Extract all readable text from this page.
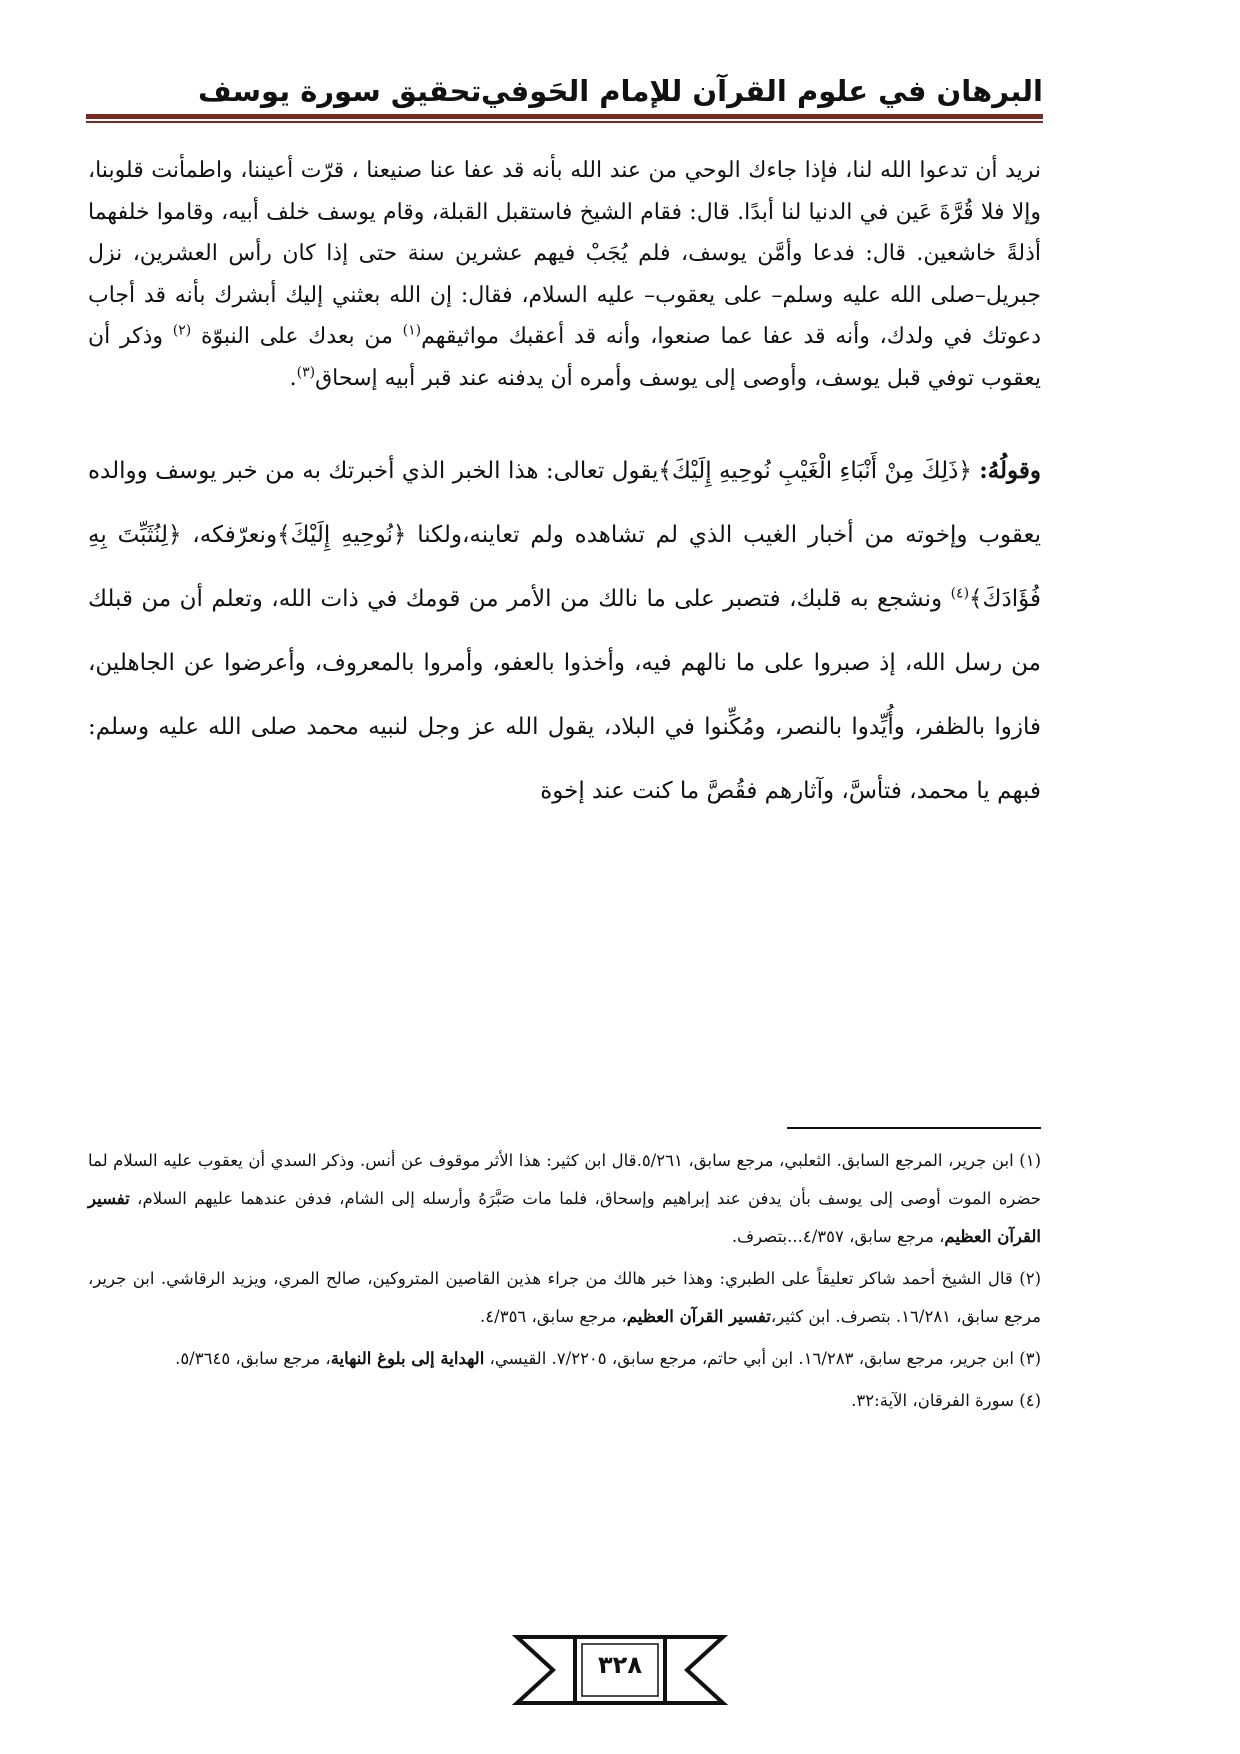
البرهان في علوم القرآن للإمام الحَوفي
تحقيق سورة يوسف

نريد أن تدعوا الله لنا، فإذا جاءك الوحي من عند الله بأنه قد عفا عنا صنيعنا ، قرّت أعيننا، واطمأنت قلوبنا، وإلا فلا قُرَّةَ عَين في الدنيا لنا أبدًا. قال: فقام الشيخ فاستقبل القبلة، وقام يوسف خلف أبيه، وقاموا خلفهما أذلةً خاشعين. قال: فدعا وأمَّن يوسف، فلم يُجَبْ فيهم عشرين سنة حتى إذا كان رأس العشرين، نزل جبريل–صلى الله عليه وسلم– على يعقوب– عليه السلام، فقال: إن الله بعثني إليك أبشرك بأنه قد أجاب دعوتك في ولدك، وأنه قد عفا عما صنعوا، وأنه قد أعقبك مواثيقهم$^{(١)}$ من بعدك على النبوّة $^{(٢)}$ وذكر أن يعقوب توفي قبل يوسف، وأوصى إلى يوسف وأمره أن يدفنه عند قبر أبيه إسحاق$^{(٣)}$.

وقولُهُ: ﴿ذَلِكَ مِنْ أَنْبَاءِ الْغَيْبِ نُوحِيهِ إِلَيْكَ﴾يقول تعالى: هذا الخبر الذي أخبرتك به من خبر يوسف ووالده يعقوب وإخوته من أخبار الغيب الذي لم تشاهده ولم تعاينه،ولكنا ﴿نُوحِيهِ إِلَيْكَ﴾ونعرّفكه، ﴿لِنُثَبِّتَ بِهِ فُؤَادَكَ﴾$^{(٤)}$ ونشجع به قلبك، فتصبر على ما نالك من الأمر من قومك في ذات الله، وتعلم أن من قبلك من رسل الله، إذ صبروا على ما نالهم فيه، وأخذوا بالعفو، وأمروا بالمعروف، وأعرضوا عن الجاهلين، فازوا بالظفر، وأُيِّدوا بالنصر، ومُكِّنوا في البلاد، يقول الله عز وجل لنبيه محمد صلى الله عليه وسلم: فبهم يا محمد، فتأسَّ، وآثارهم فقُصَّ ما كنت عند إخوة

(١) ابن جرير، المرجع السابق. الثعلبي، مرجع سابق، ٥/٢٦١.قال ابن كثير: هذا الأثر موقوف عن أنس. وذكر السدي أن يعقوب عليه السلام لما حضره الموت أوصى إلى يوسف بأن يدفن عند إبراهيم وإسحاق، فلما مات صَبَّرَهُ وأرسله إلى الشام، فدفن عندهما عليهم السلام، تفسير القرآن العظيم، مرجع سابق، ٤/٣٥٧...بتصرف.

(٢) قال الشيخ أحمد شاكر تعليقاً على الطبري: وهذا خبر هالك من جراء هذين القاصين المتروكين، صالح المري، ويزيد الرقاشي. ابن جرير، مرجع سابق، ١٦/٢٨١. بتصرف. ابن كثير،تفسير القرآن العظيم، مرجع سابق، ٤/٣٥٦.

(٣) ابن جرير، مرجع سابق، ١٦/٢٨٣. ابن أبي حاتم، مرجع سابق، ٧/٢٢٠٥. القيسي، الهداية إلى بلوغ النهاية، مرجع سابق، ٥/٣٦٤٥.

(٤) سورة الفرقان، الآية:٣٢.

٣٢٨
